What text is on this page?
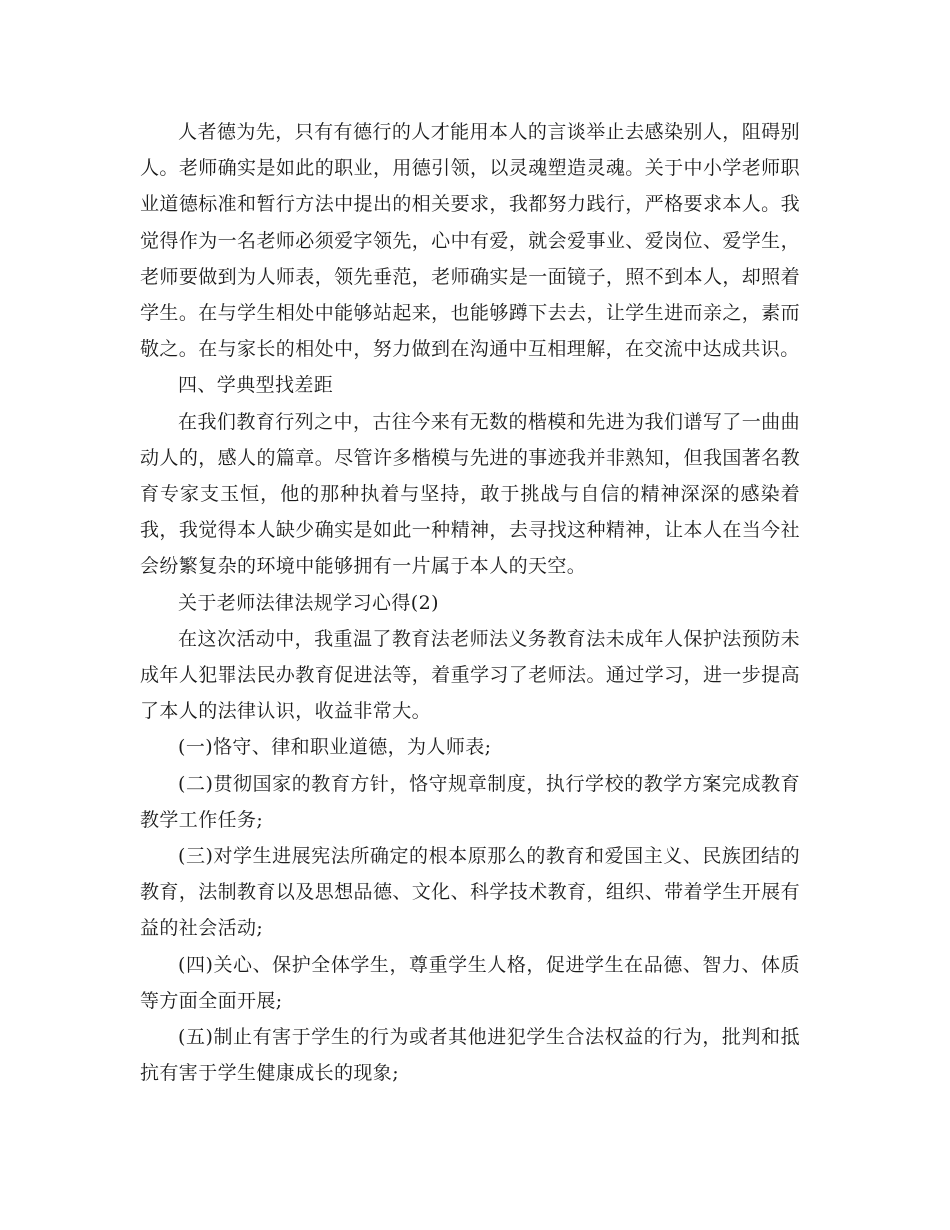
人者德为先，只有有德行的人才能用本人的言谈举止去感染别人，阻碍别人。老师确实是如此的职业，用德引领，以灵魂塑造灵魂。关于中小学老师职业道德标准和暂行方法中提出的相关要求，我都努力践行，严格要求本人。我觉得作为一名老师必须爱字领先，心中有爱，就会爱事业、爱岗位、爱学生，老师要做到为人师表，领先垂范，老师确实是一面镜子，照不到本人，却照着学生。在与学生相处中能够站起来，也能够蹲下去去，让学生进而亲之，素而敬之。在与家长的相处中，努力做到在沟通中互相理解，在交流中达成共识。

四、学典型找差距

在我们教育行列之中，古往今来有无数的楷模和先进为我们谱写了一曲曲动人的，感人的篇章。尽管许多楷模与先进的事迹我并非熟知，但我国著名教育专家支玉恒，他的那种执着与坚持，敢于挑战与自信的精神深深的感染着我，我觉得本人缺少确实是如此一种精神，去寻找这种精神，让本人在当今社会纷繁复杂的环境中能够拥有一片属于本人的天空。

关于老师法律法规学习心得(2)

在这次活动中，我重温了教育法老师法义务教育法未成年人保护法预防未成年人犯罪法民办教育促进法等，着重学习了老师法。通过学习，进一步提高了本人的法律认识，收益非常大。

(一)恪守、律和职业道德，为人师表;

(二)贯彻国家的教育方针，恪守规章制度，执行学校的教学方案完成教育教学工作任务;

(三)对学生进展宪法所确定的根本原那么的教育和爱国主义、民族团结的教育，法制教育以及思想品德、文化、科学技术教育，组织、带着学生开展有益的社会活动;

(四)关心、保护全体学生，尊重学生人格，促进学生在品德、智力、体质等方面全面开展;

(五)制止有害于学生的行为或者其他进犯学生合法权益的行为，批判和抵抗有害于学生健康成长的现象;
